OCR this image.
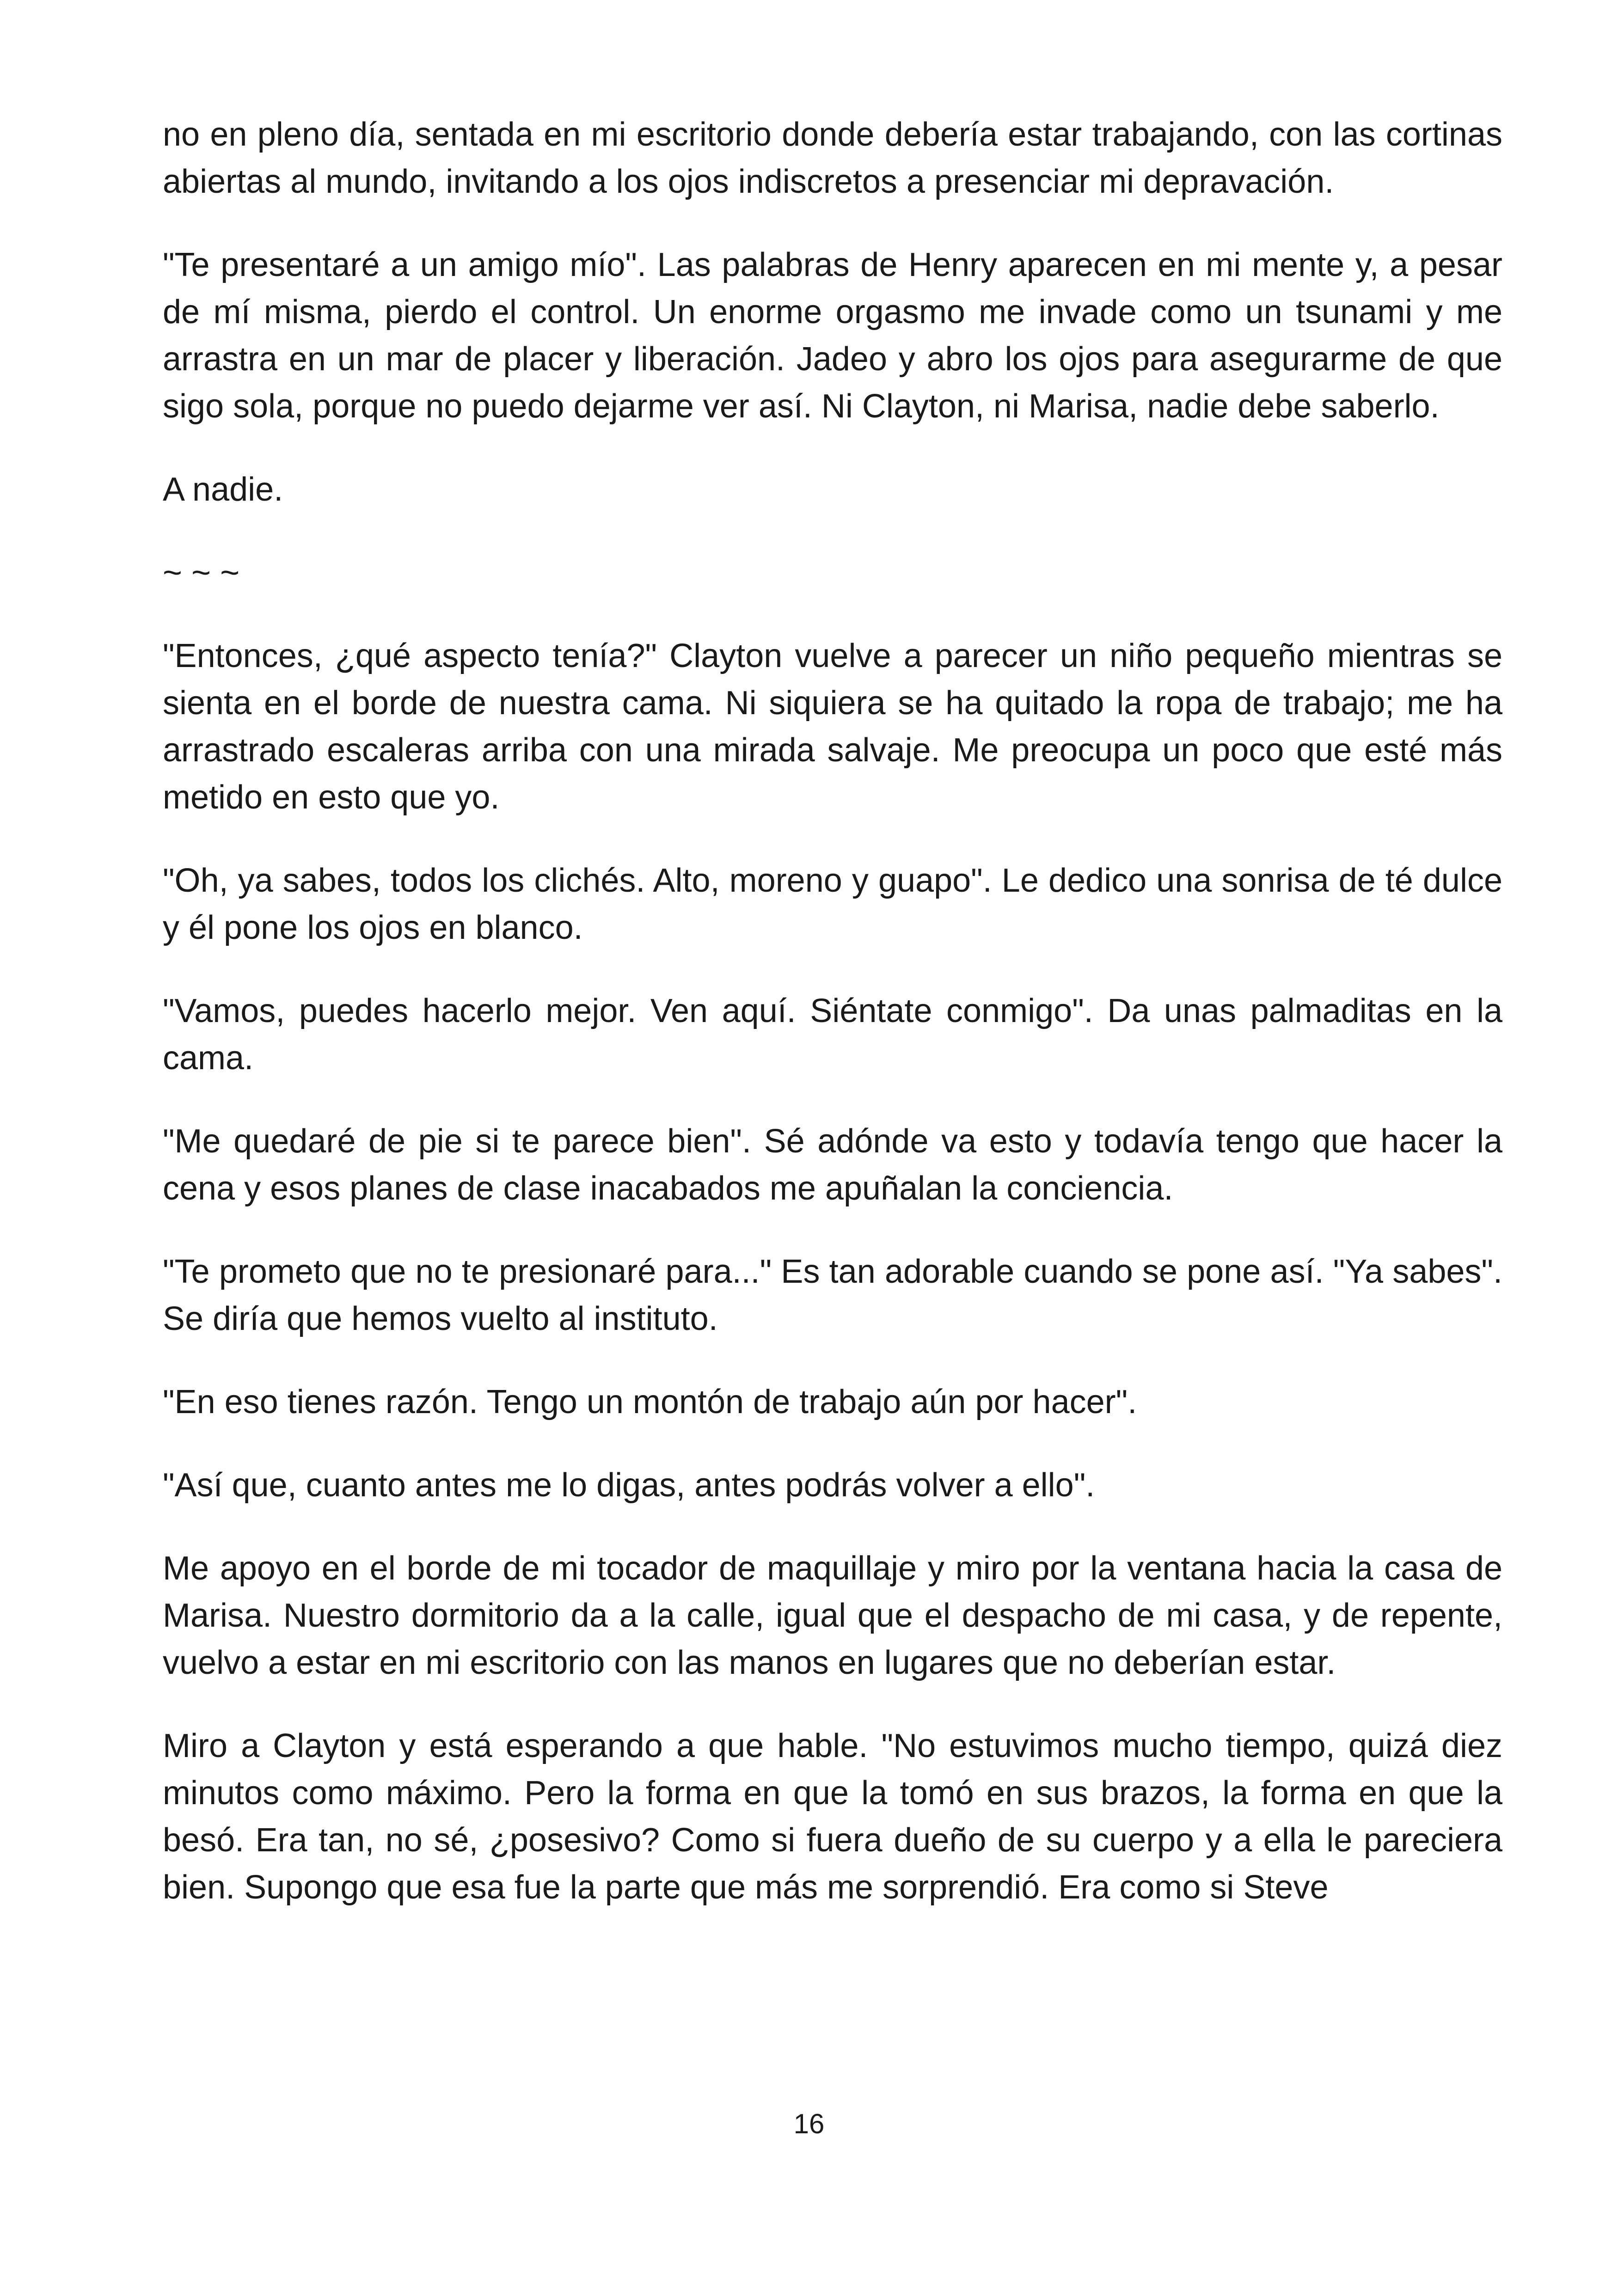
no en pleno día, sentada en mi escritorio donde debería estar trabajando, con las cortinas abiertas al mundo, invitando a los ojos indiscretos a presenciar mi depravación.

"Te presentaré a un amigo mío". Las palabras de Henry aparecen en mi mente y, a pesar de mí misma, pierdo el control. Un enorme orgasmo me invade como un tsunami y me arrastra en un mar de placer y liberación. Jadeo y abro los ojos para asegurarme de que sigo sola, porque no puedo dejarme ver así. Ni Clayton, ni Marisa, nadie debe saberlo.

A nadie.

~ ~ ~

"Entonces, ¿qué aspecto tenía?" Clayton vuelve a parecer un niño pequeño mientras se sienta en el borde de nuestra cama. Ni siquiera se ha quitado la ropa de trabajo; me ha arrastrado escaleras arriba con una mirada salvaje. Me preocupa un poco que esté más metido en esto que yo.

"Oh, ya sabes, todos los clichés. Alto, moreno y guapo". Le dedico una sonrisa de té dulce y él pone los ojos en blanco.

"Vamos, puedes hacerlo mejor. Ven aquí. Siéntate conmigo". Da unas palmaditas en la cama.

"Me quedaré de pie si te parece bien". Sé adónde va esto y todavía tengo que hacer la cena y esos planes de clase inacabados me apuñalan la conciencia.

"Te prometo que no te presionaré para..." Es tan adorable cuando se pone así. "Ya sabes". Se diría que hemos vuelto al instituto.

"En eso tienes razón. Tengo un montón de trabajo aún por hacer".

"Así que, cuanto antes me lo digas, antes podrás volver a ello".

Me apoyo en el borde de mi tocador de maquillaje y miro por la ventana hacia la casa de Marisa. Nuestro dormitorio da a la calle, igual que el despacho de mi casa, y de repente, vuelvo a estar en mi escritorio con las manos en lugares que no deberían estar.

Miro a Clayton y está esperando a que hable. "No estuvimos mucho tiempo, quizá diez minutos como máximo. Pero la forma en que la tomó en sus brazos, la forma en que la besó. Era tan, no sé, ¿posesivo? Como si fuera dueño de su cuerpo y a ella le pareciera bien. Supongo que esa fue la parte que más me sorprendió. Era como si Steve

16
